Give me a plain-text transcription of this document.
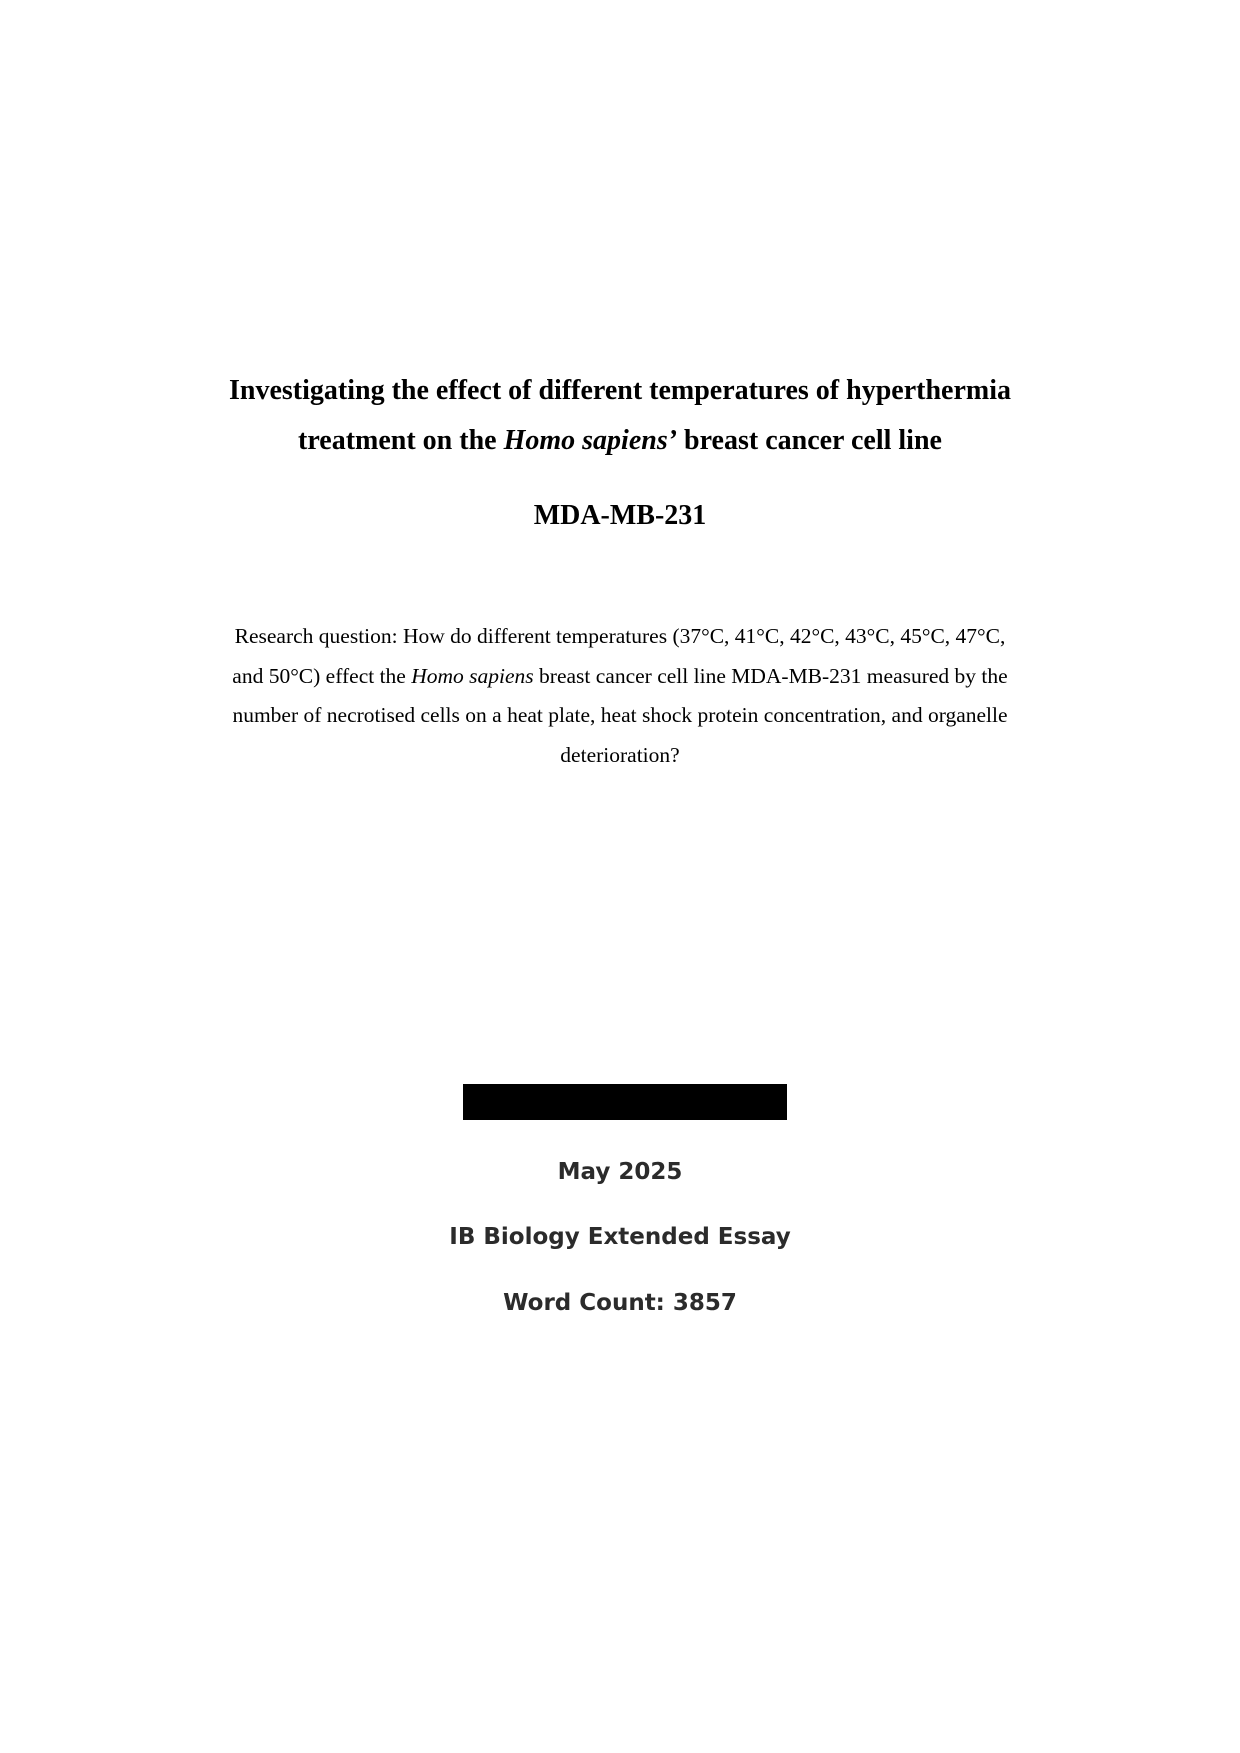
Investigating the effect of different temperatures of hyperthermia
treatment on the Homo sapiens’ breast cancer cell line
MDA-MB-231

Research question: How do different temperatures (37°C, 41°C, 42°C, 43°C, 45°C, 47°C,
and 50°C) effect the Homo sapiens breast cancer cell line MDA-MB-231 measured by the
number of necrotised cells on a heat plate, heat shock protein concentration, and organelle
deterioration?

May 2025
IB Biology Extended Essay
Word Count: 3857
